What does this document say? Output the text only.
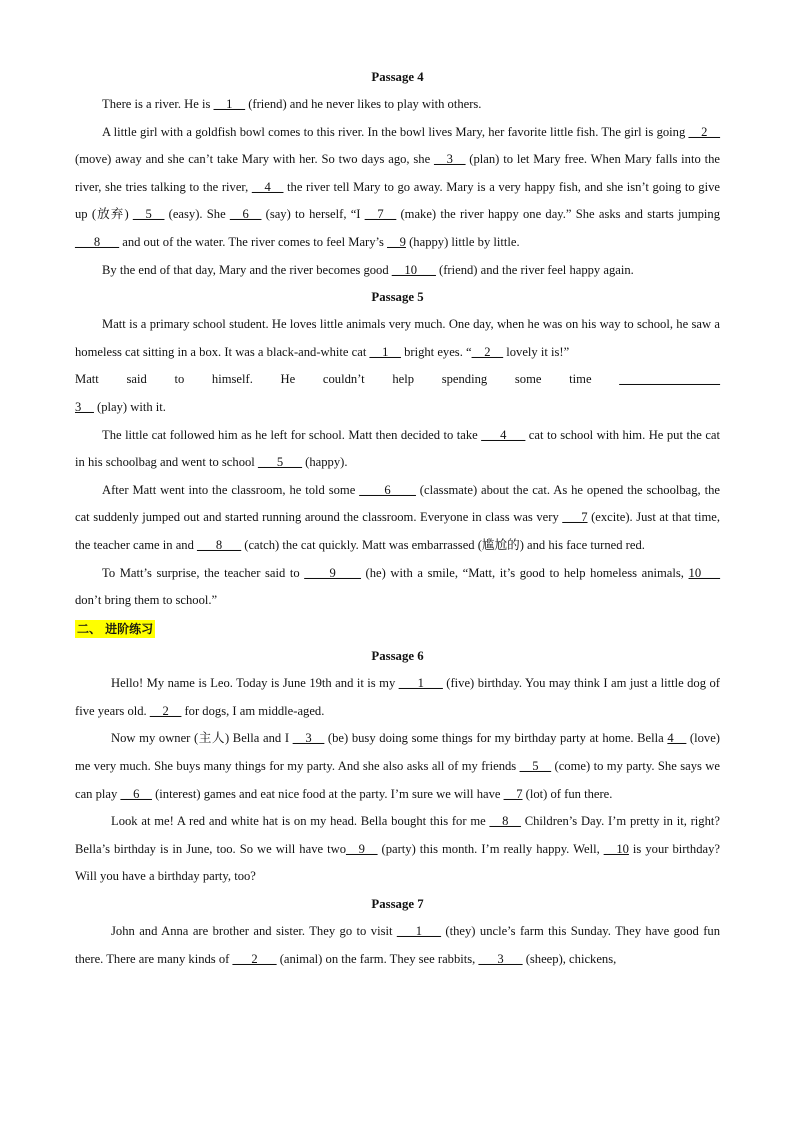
Passage 4

There is a river. He is __1__ (friend) and he never likes to play with others.

A little girl with a goldfish bowl comes to this river. In the bowl lives Mary, her favorite little fish. The girl is going __2__ (move) away and she can’t take Mary with her. So two days ago, she __3__ (plan) to let Mary free. When Mary falls into the river, she tries talking to the river, __4__ the river tell Mary to go away. Mary is a very happy fish, and she isn’t going to give up (放弃) __5__ (easy). She __6__ (say) to herself, “I __7__ (make) the river happy one day.” She asks and starts jumping ___8___ and out of the water. The river comes to feel Mary’s __9 (happy) little by little.

By the end of that day, Mary and the river becomes good __10___ (friend) and the river feel happy again.

Passage 5

Matt is a primary school student. He loves little animals very much. One day, when he was on his way to school, he saw a homeless cat sitting in a box. It was a black-and-white cat __1__ bright eyes. “__2__ lovely it is!”

Matt said to himself. He couldn’t help spending some time ________________

3__ (play) with it.

The little cat followed him as he left for school. Matt then decided to take ___4___ cat to school with him. He put the cat in his schoolbag and went to school ___5___ (happy).

After Matt went into the classroom, he told some ____6____ (classmate) about the cat. As he opened the schoolbag, the cat suddenly jumped out and started running around the classroom. Everyone in class was very ___7 (excite). Just at that time, the teacher came in and ___8___ (catch) the cat quickly. Matt was embarrassed (尴尬的) and his face turned red.

To Matt’s surprise, the teacher said to ____9____ (he) with a smile, “Matt, it’s good to help homeless animals, 10___ don’t bring them to school.”

二、 进阶练习
Passage 6

Hello! My name is Leo. Today is June 19th and it is my ___1___ (five) birthday. You may think I am just a little dog of five years old. __2__ for dogs, I am middle-aged.

Now my owner (主人) Bella and I __3__ (be) busy doing some things for my birthday party at home. Bella 4__ (love) me very much. She buys many things for my party. And she also asks all of my friends __5__ (come) to my party. She says we can play __6__ (interest) games and eat nice food at the party. I’m sure we will have __7 (lot) of fun there.

Look at me! A red and white hat is on my head. Bella bought this for me __8__ Children’s Day. I’m pretty in it, right? Bella’s birthday is in June, too. So we will have two__9__ (party) this month. I’m really happy. Well, __10 is your birthday? Will you have a birthday party, too?

Passage 7

John and Anna are brother and sister. They go to visit ___1___ (they) uncle’s farm this Sunday. They have good fun there. There are many kinds of ___2___ (animal) on the farm. They see rabbits, ___3___ (sheep), chickens,
